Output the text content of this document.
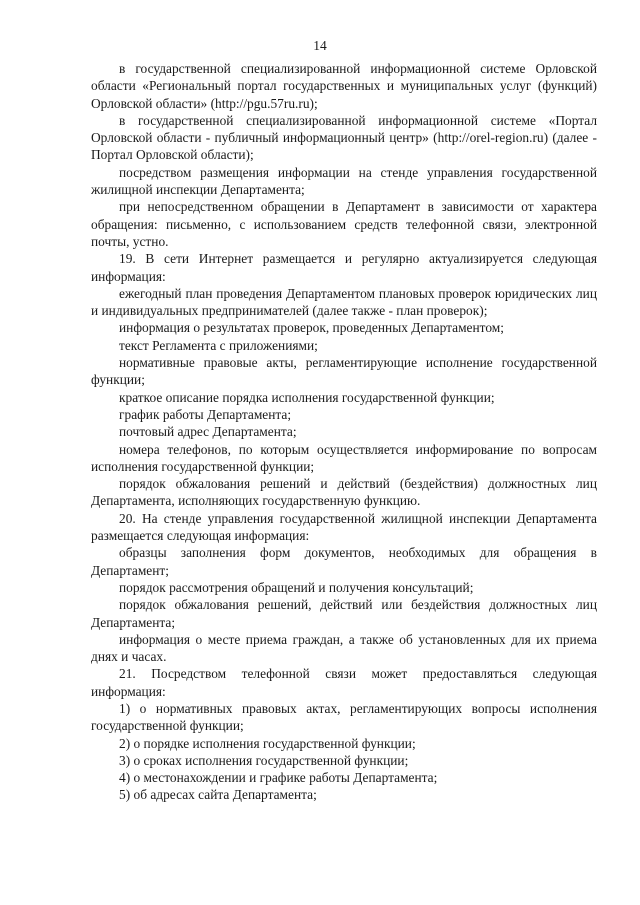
14

в государственной специализированной информационной системе Орловской области «Региональный портал государственных и муниципальных услуг (функций) Орловской области» (http://pgu.57ru.ru);

в государственной специализированной информационной системе «Портал Орловской области - публичный информационный центр» (http://orel-region.ru) (далее - Портал Орловской области);

посредством размещения информации на стенде управления государственной жилищной инспекции Департамента;

при непосредственном обращении в Департамент в зависимости от характера обращения: письменно, с использованием средств телефонной связи, электронной почты, устно.

19. В сети Интернет размещается и регулярно актуализируется следующая информация:

ежегодный план проведения Департаментом плановых проверок юридических лиц и индивидуальных предпринимателей (далее также - план проверок);

информация о результатах проверок, проведенных Департаментом;

текст Регламента с приложениями;

нормативные правовые акты, регламентирующие исполнение государственной функции;

краткое описание порядка исполнения государственной функции;

график работы Департамента;

почтовый адрес Департамента;

номера телефонов, по которым осуществляется информирование по вопросам исполнения государственной функции;

порядок обжалования решений и действий (бездействия) должностных лиц Департамента, исполняющих государственную функцию.

20. На стенде управления государственной жилищной инспекции Департамента размещается следующая информация:

образцы заполнения форм документов, необходимых для обращения в Департамент;

порядок рассмотрения обращений и получения консультаций;

порядок обжалования решений, действий или бездействия должностных лиц Департамента;

информация о месте приема граждан, а также об установленных для их приема днях и часах.

21. Посредством телефонной связи может предоставляться следующая информация:

1) о нормативных правовых актах, регламентирующих вопросы исполнения государственной функции;

2) о порядке исполнения государственной функции;

3) о сроках исполнения государственной функции;

4) о местонахождении и графике работы Департамента;

5) об адресах сайта Департамента;
